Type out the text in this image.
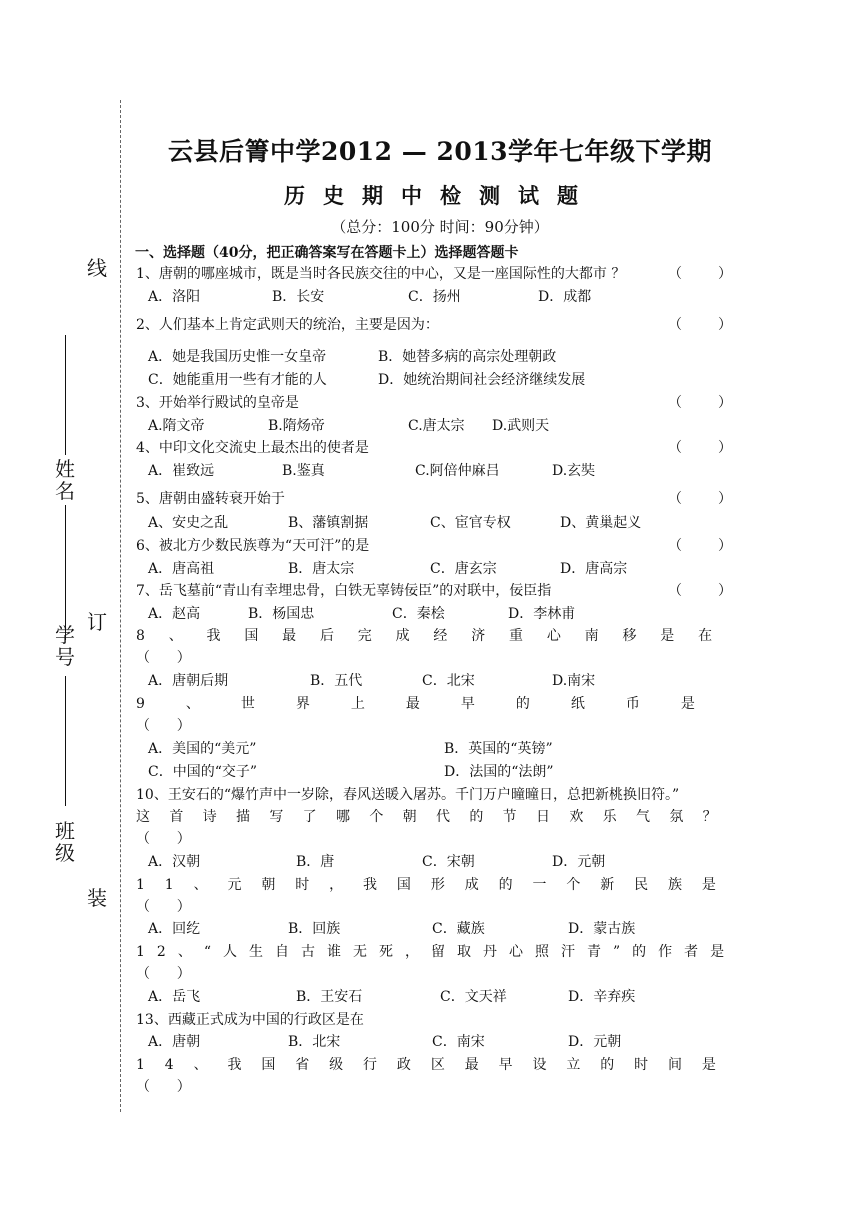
线
订
装
姓名
学号
班级
云县后箐中学2012 — 2013学年七年级下学期
历史期中检测试题
（总分：100分 时间：90分钟）
一、选择题（40分，把正确答案写在答题卡上）选择题答题卡
1、唐朝的哪座城市，既是当时各民族交往的中心，又是一座国际性的大都市 ？	（	）
A．洛阳	B．长安	C．扬州	D．成都
2、人们基本上肯定武则天的统治，主要是因为：	（	）
A．她是我国历史惟一女皇帝	B．她替多病的高宗处理朝政
C．她能重用一些有才能的人	D．她统治期间社会经济继续发展
3、开始举行殿试的皇帝是	（	）
A.隋文帝	B.隋炀帝	C.唐太宗 D.武则天
4、中印文化交流史上最杰出的使者是	（	）
A．崔致远	B.鉴真	C.阿倍仲麻吕	D.玄奘
5、唐朝由盛转衰开始于	（	）
A、安史之乱	B、藩镇割据	C、宦官专权	D、黄巢起义
6、被北方少数民族尊为“天可汗”的是	（	）
A．唐高祖	B．唐太宗	C．唐玄宗	D．唐高宗
7、岳飞墓前“青山有幸埋忠骨，白铁无辜铸佞臣”的对联中，佞臣指	（	）
A．赵高	B．杨国忠	C．秦桧	D．李林甫
8、我国最后完成经济重心南移是在
（ ）
A．唐朝后期	B．五代	C．北宋	D.南宋
9、世界上最早的纸币是
（ ）
A．美国的“美元”	B．英国的“英镑”
C．中国的“交子”	D．法国的“法朗”
10、王安石的“爆竹声中一岁除，春风送暖入屠苏。千门万户曈曈日，总把新桃换旧符。”
这首诗描写了哪个朝代的节日欢乐气氛？
（ ）
A．汉朝	B．唐	C．宋朝	D．元朝
11、元朝时，我国形成的一个新民族是
（ ）
A．回纥	B．回族	C．藏族	D．蒙古族
12、“人生自古谁无死，留取丹心照汗青”的作者是
（ ）
A．岳飞	B．王安石	C．文天祥	D．辛弃疾
13、西藏正式成为中国的行政区是在
A．唐朝	B．北宋	C．南宋	D．元朝
14、我国省级行政区最早设立的时间是
（ ）
